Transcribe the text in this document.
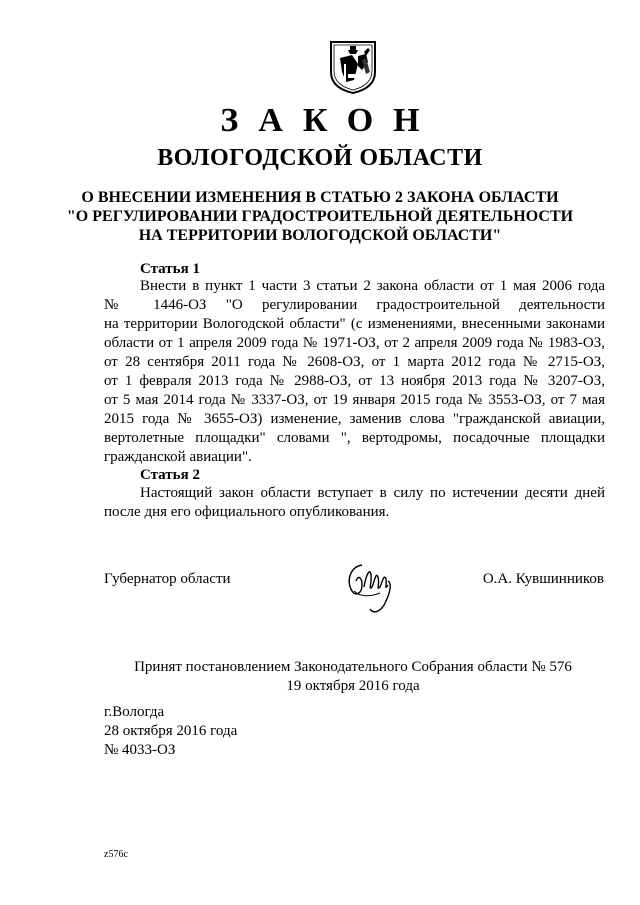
ЗАКОН
ВОЛОГОДСКОЙ ОБЛАСТИ
О ВНЕСЕНИИ ИЗМЕНЕНИЯ В СТАТЬЮ 2 ЗАКОНА ОБЛАСТИ
"О РЕГУЛИРОВАНИИ ГРАДОСТРОИТЕЛЬНОЙ ДЕЯТЕЛЬНОСТИ
НА ТЕРРИТОРИИ ВОЛОГОДСКОЙ ОБЛАСТИ"
Статья 1
Внести в пункт 1 части 3 статьи 2 закона области от 1 мая 2006 года
№ 1446-ОЗ "О регулировании градостроительной деятельности
на территории Вологодской области" (с изменениями, внесенными законами
области от 1 апреля 2009 года № 1971-ОЗ, от 2 апреля 2009 года № 1983-ОЗ,
от 28 сентября 2011 года № 2608-ОЗ, от 1 марта 2012 года № 2715-ОЗ,
от 1 февраля 2013 года № 2988-ОЗ, от 13 ноября 2013 года № 3207-ОЗ,
от 5 мая 2014 года № 3337-ОЗ, от 19 января 2015 года № 3553-ОЗ, от 7 мая
2015 года № 3655-ОЗ) изменение, заменив слова "гражданской авиации,
вертолетные площадки" словами ", вертодромы, посадочные площадки
гражданской авиации".
Статья 2
Настоящий закон области вступает в силу по истечении десяти дней
после дня его официального опубликования.
Губернатор области	О.А. Кувшинников
Принят постановлением Законодательного Собрания области № 576
19 октября 2016 года
г.Вологда
28 октября 2016 года
№ 4033-ОЗ
z576c
